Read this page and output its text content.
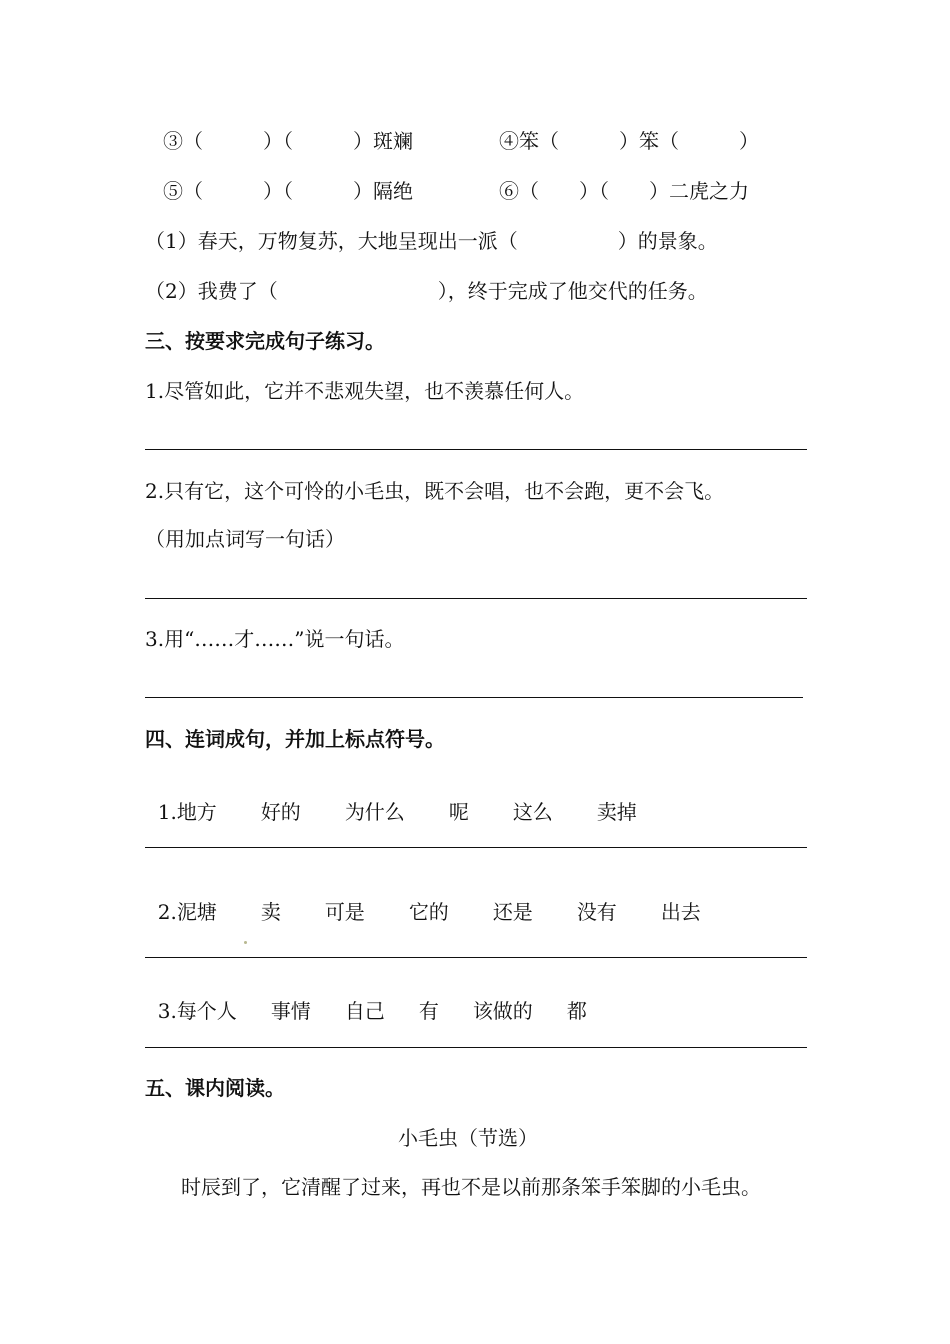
③（　　　）（　　　）斑斓	④笨（　　　）笨（　　　）

⑤（　　　）（　　　）隔绝	⑥（　　）（　　）二虎之力

（1）春天，万物复苏，大地呈现出一派（　　　　　）的景象。

（2）我费了（　　　　　　　　），终于完成了他交代的任务。

三、按要求完成句子练习。

1.尽管如此，它并不悲观失望，也不羡慕任何人。

2.只有它，这个可怜的小毛虫，既不会唱，也不会跑，更不会飞。

（用加点词写一句话）

3.用“……才……”说一句话。

四、连词成句，并加上标点符号。

1.地方 好的 为什么 呢 这么 卖掉

2.泥塘 卖 可是 它的 还是 没有 出去

3.每个人 事情 自己 有 该做的 都

五、课内阅读。

小毛虫（节选）

时辰到了，它清醒了过来，再也不是以前那条笨手笨脚的小毛虫。
